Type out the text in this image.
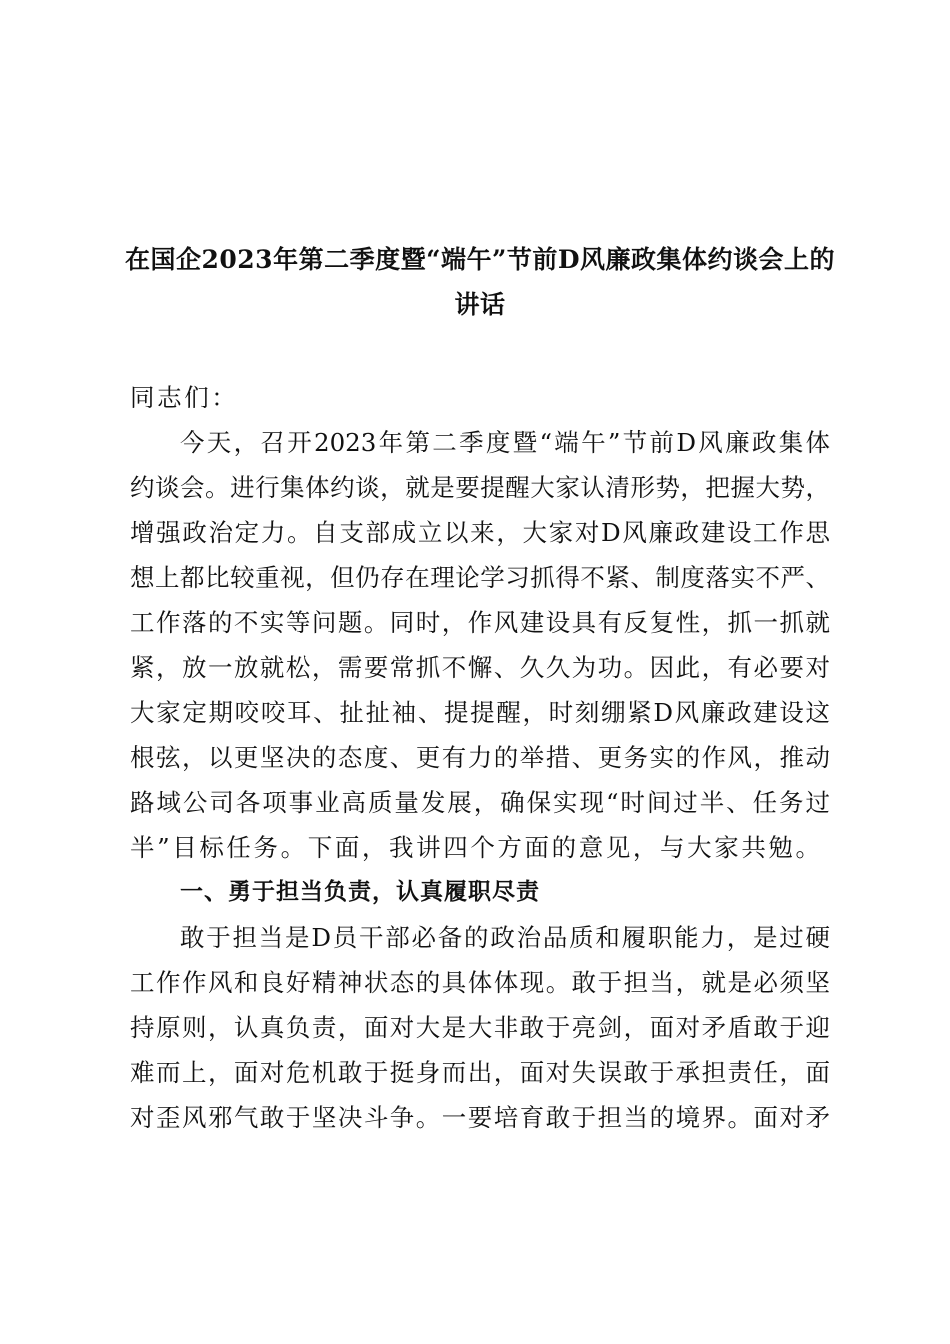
在国企2023年第二季度暨“端午”节前D风廉政集体约谈会上的
讲话
同志们：
今天，召开2023年第二季度暨“端午”节前D风廉政集体
约谈会。进行集体约谈，就是要提醒大家认清形势，把握大势，
增强政治定力。自支部成立以来，大家对D风廉政建设工作思
想上都比较重视，但仍存在理论学习抓得不紧、制度落实不严、
工作落的不实等问题。同时，作风建设具有反复性，抓一抓就
紧，放一放就松，需要常抓不懈、久久为功。因此，有必要对
大家定期咬咬耳、扯扯袖、提提醒，时刻绷紧D风廉政建设这
根弦，以更坚决的态度、更有力的举措、更务实的作风，推动
路域公司各项事业高质量发展，确保实现“时间过半、任务过
半”目标任务。下面，我讲四个方面的意见，与大家共勉。
一、勇于担当负责，认真履职尽责
敢于担当是D员干部必备的政治品质和履职能力，是过硬
工作作风和良好精神状态的具体体现。敢于担当，就是必须坚
持原则，认真负责，面对大是大非敢于亮剑，面对矛盾敢于迎
难而上，面对危机敢于挺身而出，面对失误敢于承担责任，面
对歪风邪气敢于坚决斗争。一要培育敢于担当的境界。面对矛
